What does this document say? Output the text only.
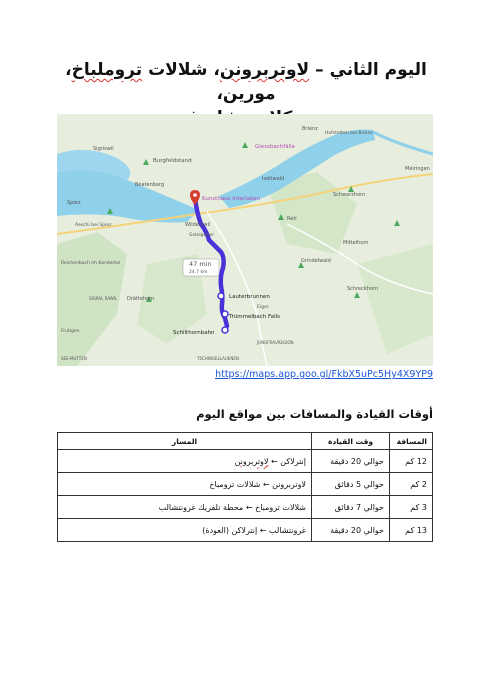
اليوم الثاني – لاوتربرونن، شلالات تروملباخ، مورين،

47 min
24.7 km
Sigriswil
Burgfeldstand
Brienz
Hofstetten bei Brienz
Giessbachfälle
Beatenberg
Iseltwald
Meiringen
Spiez
Kunsthaus Interlaken
Wilderswil
Gsteigwiler
Aeschi bei Spiez
Reti
Schwarzhorn
Reichenbach im Kandertal
Mittelhorn
Grindelwald
Drättehorn	Lauterbrunnen
Schreckhorn
Eiger
Trümmelbach Falls
Schilthornbahn
Frutigen
JUNGFRAUREGION
SIGRAL RAWIL
SEE-MUTTEN	TSCHINGELLAUENEN
https://maps.app.goo.gl/FkbX5uPc5Hy4X9YP9
أوقات القيادة والمسافات بين مواقع اليوم
المسافة	وقت القيادة	المسار
12 كم	حوالي 20 دقيقة	إنترلاكن ← لاوتربرونن
2 كم	حوالي 5 دقائق	لاوتربرونن ← شلالات ترومباخ
3 كم	حوالي 7 دقائق	شلالات ترومباخ ← محطة تلفريك غرونتشالب
13 كم	حوالي 20 دقيقة	غرونتشالب ← إنترلاكن (العودة)
